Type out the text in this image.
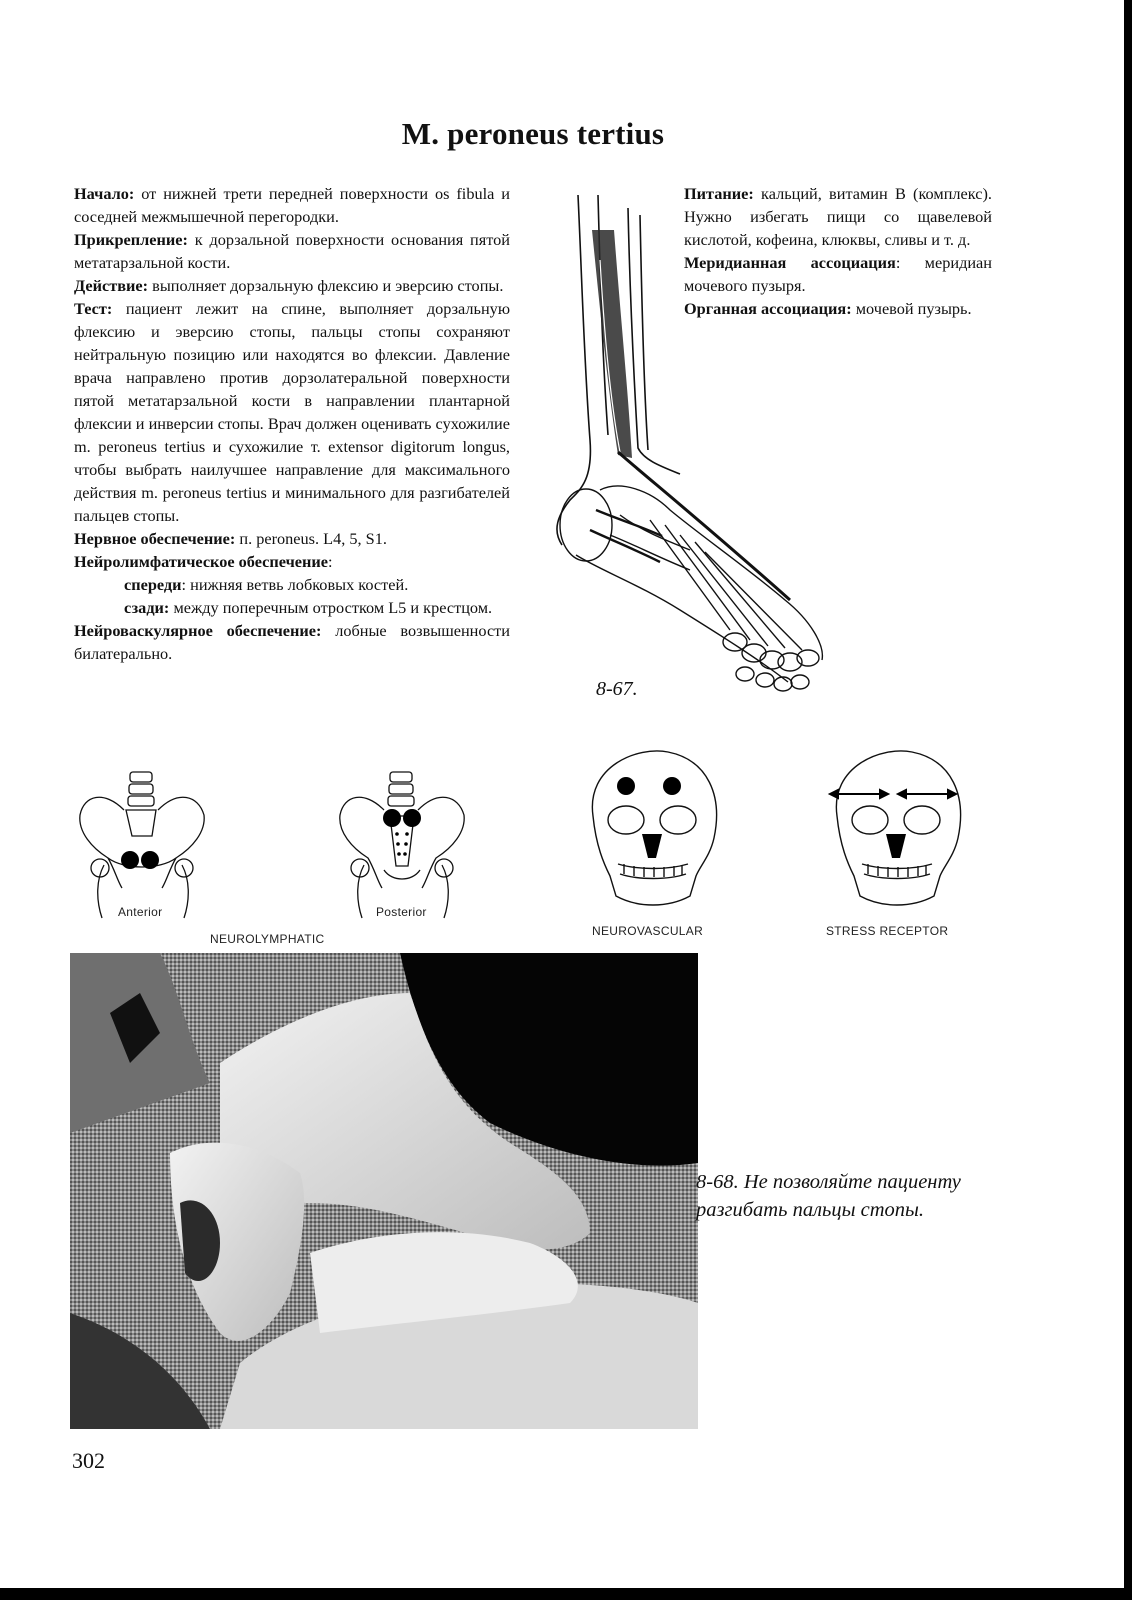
M. peroneus tertius

Начало: от нижней трети передней поверхности os fibula и соседней межмышечной перегородки.

Прикрепление: к дорзальной поверхности основания пятой метатарзальной кости.

Действие: выполняет дорзальную флексию и эверсию стопы.

Тест: пациент лежит на спине, выполняет дорзальную флексию и эверсию стопы, пальцы стопы сохраняют нейтральную позицию или находятся во флексии. Давление врача направлено против дорзолатеральной поверхности пятой метатарзальной кости в направлении плантарной флексии и инверсии стопы. Врач должен оценивать сухожилие m. peroneus tertius и сухожилие т. extensor digitorum longus, чтобы выбрать наилучшее направление для максимального действия m. peroneus tertius и минимального для разгибателей пальцев стопы.

Нервное обеспечение: п. peroneus. L4, 5, S1.

Нейролимфатическое обеспечение:

спереди: нижняя ветвь лобковых костей.

сзади: между поперечным отростком L5 и крестцом.

Нейроваскулярное обеспечение: лобные возвышенности билатерально.

Питание: кальций, витамин В (комплекс). Нужно избегать пищи со щавелевой кислотой, кофеина, клюквы, сливы и т. д.

Меридианная ассоциация: меридиан мочевого пузыря.

Органная ассоциация: мочевой пузырь.

8-67.
Anterior	Posterior
NEUROLYMPHATIC
NEUROVASCULAR	STRESS RECEPTOR
8-68. Не позволяйте пациенту разгибать пальцы стопы.
302
